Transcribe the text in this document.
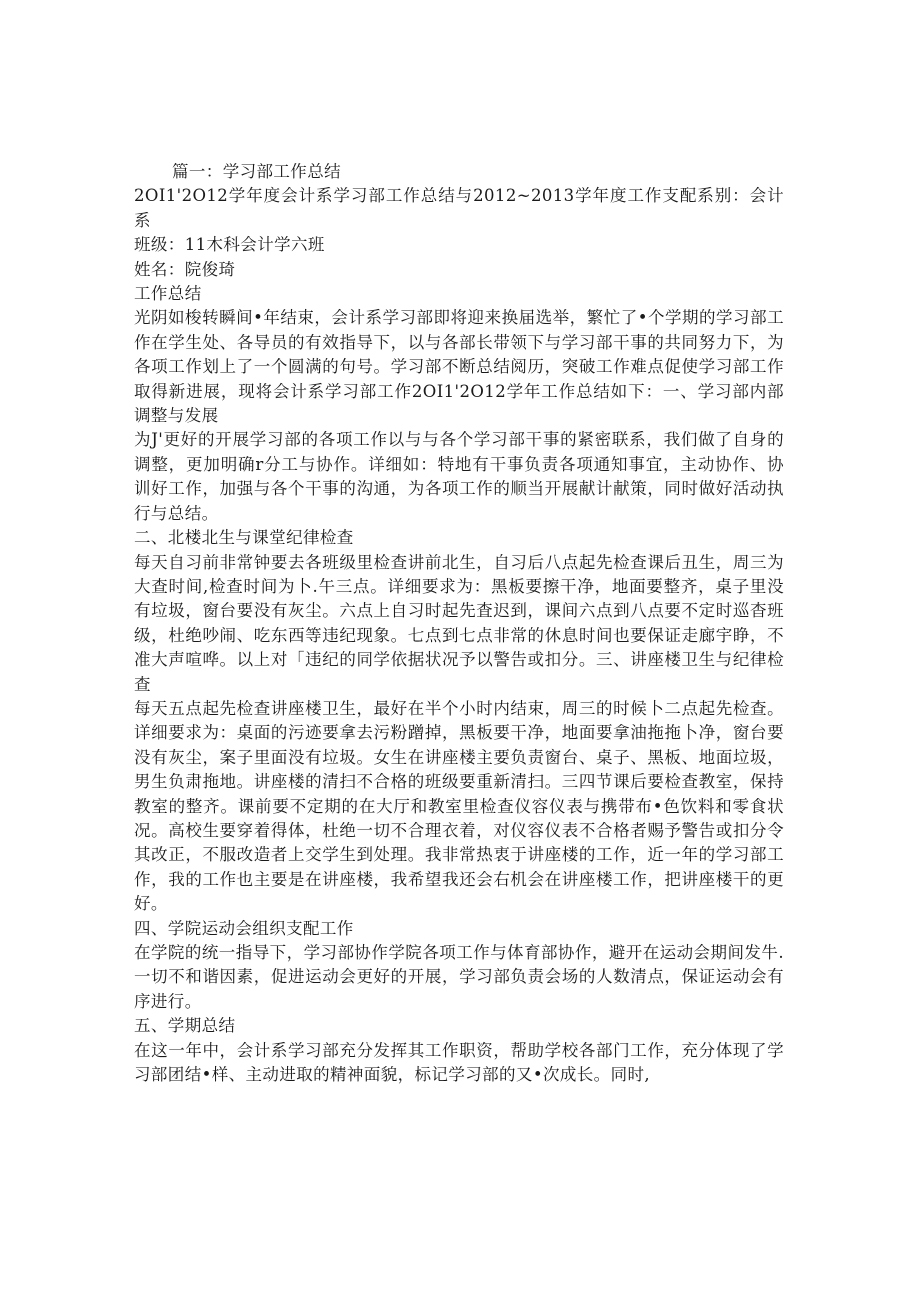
篇一：学习部工作总结

2OI1'2O12学年度会计系学习部工作总结与2012~2013学年度工作支配系别：会计系

班级：11木科会计学六班

姓名：院俊琦

工作总结

光阴如梭转瞬间•年结束，会计系学习部即将迎来换届选举，繁忙了•个学期的学习部工作在学生处、各导员的有效指导下，以与各部长带领下与学习部干事的共同努力下，为各项工作划上了一个圆满的句号。学习部不断总结阅历，突破工作难点促使学习部工作取得新进展，现将会计系学习部工作2OI1'2O12学年工作总结如下：一、学习部内部调整与发展

为J'更好的开展学习部的各项工作以与与各个学习部干事的紧密联系，我们做了自身的调整，更加明确r分工与协作。详细如：特地有干事负责各项通知事宜，主动协作、协训好工作，加强与各个干事的沟通，为各项工作的顺当开展献计献策，同时做好活动执行与总结。

二、北楼北生与课堂纪律检查

每天自习前非常钟要去各班级里检查讲前北生，自习后八点起先检查课后丑生，周三为大查时间,检查时间为卜.午三点。详细要求为：黑板要擦干净，地面要整齐，桌子里没有垃圾，窗台要没有灰尘。六点上自习时起先査迟到，课间六点到八点要不定时巡杳班级，杜绝吵闹、吃东西等违纪现象。七点到七点非常的休息时间也要保证走廊宇睁，不准大声喧哗。以上对「违纪的同学依据状况予以警告或扣分。三、讲座楼卫生与纪律检查

每天五点起先检查讲座楼卫生，最好在半个小时内结束，周三的时候卜二点起先检查。详细要求为：桌面的污迹要拿去污粉蹭掉，黑板要干净，地面要拿油拖拖卜净，窗台要没有灰尘，案子里面没有垃圾。女生在讲座楼主要负责窗台、桌子、黑板、地面垃圾，男生负肃拖地。讲座楼的清扫不合格的班级要重新清扫。三四节课后要检查教室，保持教室的整齐。课前要不定期的在大厅和教室里检查仪容仪表与携带布•色饮料和零食状况。高校生要穿着得体，杜绝一切不合理衣着，对仪容仪表不合格者赐予警告或扣分令其改正，不服改造者上交学生到处理。我非常热衷于讲座楼的工作，近一年的学习部工作，我的工作也主要是在讲座楼，我希望我还会右机会在讲座楼工作，把讲座楼干的更好。

四、学院运动会组织支配工作

在学院的统一指导下，学习部协作学院各项工作与体育部协作，避开在运动会期间发牛.一切不和谐因素，促进运动会更好的开展，学习部负责会场的人数清点，保证运动会有序进行。

五、学期总结

在这一年中，会计系学习部充分发挥其工作职资，帮助学校各部门工作，充分体现了学习部团结•样、主动进取的精神面貌，标记学习部的又•次成长。同时,
